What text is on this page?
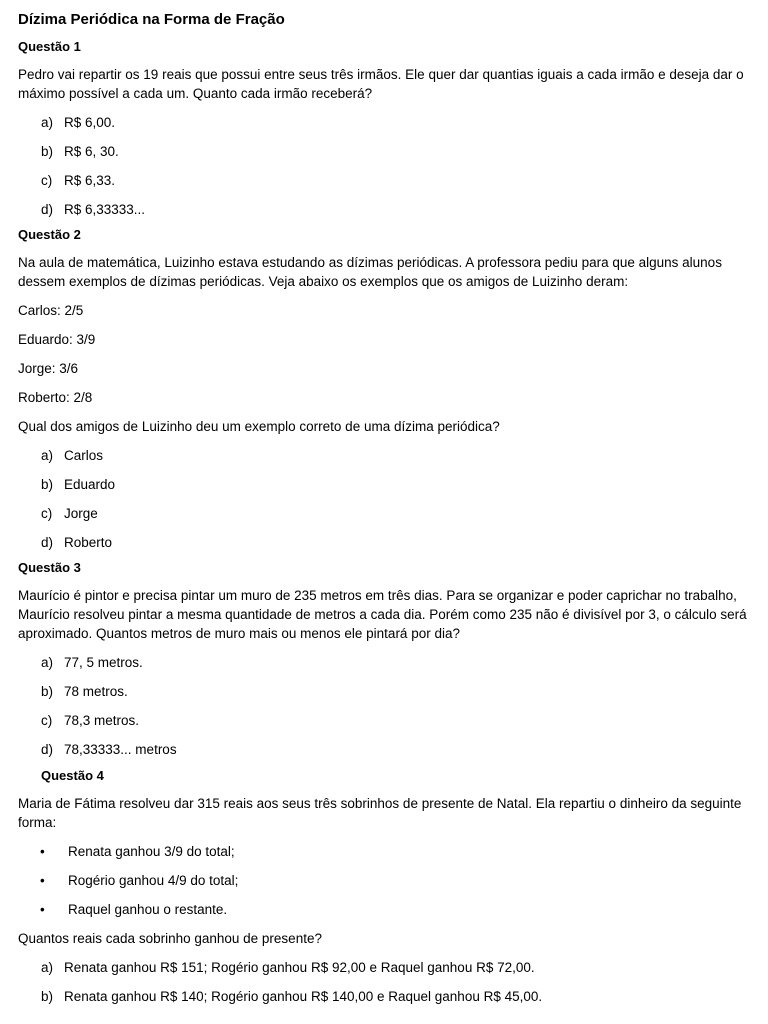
Dízima Periódica na Forma de Fração
Questão 1

Pedro vai repartir os 19 reais que possui entre seus três irmãos. Ele quer dar quantias iguais a cada irmão e deseja dar o máximo possível a cada um. Quanto cada irmão receberá?

a) R$ 6,00.
b) R$ 6, 30.
c) R$ 6,33.
d) R$ 6,33333...
Questão 2

Na aula de matemática, Luizinho estava estudando as dízimas periódicas. A professora pediu para que alguns alunos dessem exemplos de dízimas periódicas. Veja abaixo os exemplos que os amigos de Luizinho deram:

Carlos: 2/5

Eduardo: 3/9

Jorge: 3/6

Roberto: 2/8

Qual dos amigos de Luizinho deu um exemplo correto de uma dízima periódica?

a) Carlos
b) Eduardo
c) Jorge
d) Roberto
Questão 3

Maurício é pintor e precisa pintar um muro de 235 metros em três dias. Para se organizar e poder caprichar no trabalho, Maurício resolveu pintar a mesma quantidade de metros a cada dia. Porém como 235 não é divisível por 3, o cálculo será aproximado. Quantos metros de muro mais ou menos ele pintará por dia?

a) 77, 5 metros.
b) 78 metros.
c) 78,3 metros.
d) 78,33333... metros
Questão 4

Maria de Fátima resolveu dar 315 reais aos seus três sobrinhos de presente de Natal. Ela repartiu o dinheiro da seguinte forma:

•	Renata ganhou 3/9 do total;
•	Rogério ganhou 4/9 do total;
•	Raquel ganhou o restante.

Quantos reais cada sobrinho ganhou de presente?

a) Renata ganhou R$ 151; Rogério ganhou R$ 92,00 e Raquel ganhou R$ 72,00.
b) Renata ganhou R$ 140; Rogério ganhou R$ 140,00 e Raquel ganhou R$ 45,00.
